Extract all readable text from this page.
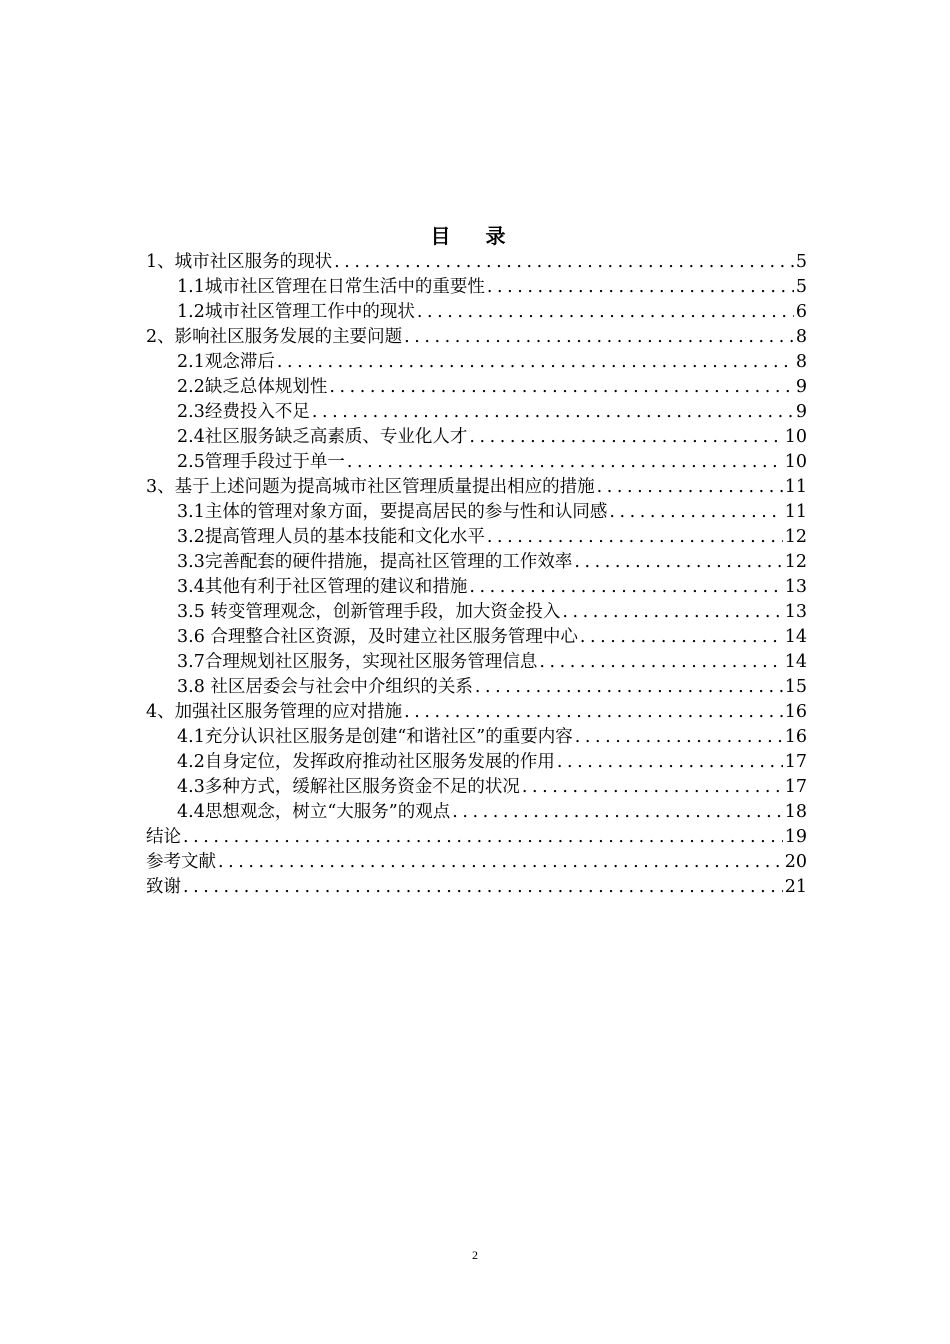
目 录
1、城市社区服务的现状 . . .	5
1.1城市社区管理在日常生活中的重要性 . . .	5
1.2城市社区管理工作中的现状 . . .	6
2、影响社区服务发展的主要问题 . . .	8
2.1观念滞后 . . .	8
2.2缺乏总体规划性 . . .	9
2.3经费投入不足 . . .	9
2.4社区服务缺乏高素质、专业化人才 . . .	10
2.5管理手段过于单一 . . .	10
3、基于上述问题为提高城市社区管理质量提出相应的措施 . . .	11
3.1主体的管理对象方面，要提高居民的参与性和认同感 . . .	11
3.2提高管理人员的基本技能和文化水平 . . .	12
3.3完善配套的硬件措施，提高社区管理的工作效率 . . .	12
3.4其他有利于社区管理的建议和措施 . . .	13
3.5 转变管理观念，创新管理手段，加大资金投入 . . .	13
3.6 合理整合社区资源，及时建立社区服务管理中心 . . .	14
3.7合理规划社区服务，实现社区服务管理信息 . . .	14
3.8 社区居委会与社会中介组织的关系 . . .	15
4、加强社区服务管理的应对措施 . . .	16
4.1充分认识社区服务是创建“和谐社区”的重要内容 . . .	16
4.2自身定位，发挥政府推动社区服务发展的作用 . . .	17
4.3多种方式，缓解社区服务资金不足的状况 . . .	17
4.4思想观念，树立“大服务”的观点 . . .	18
结论 . . .	19
参考文献 . . .	20
致谢 . . .	21
2
